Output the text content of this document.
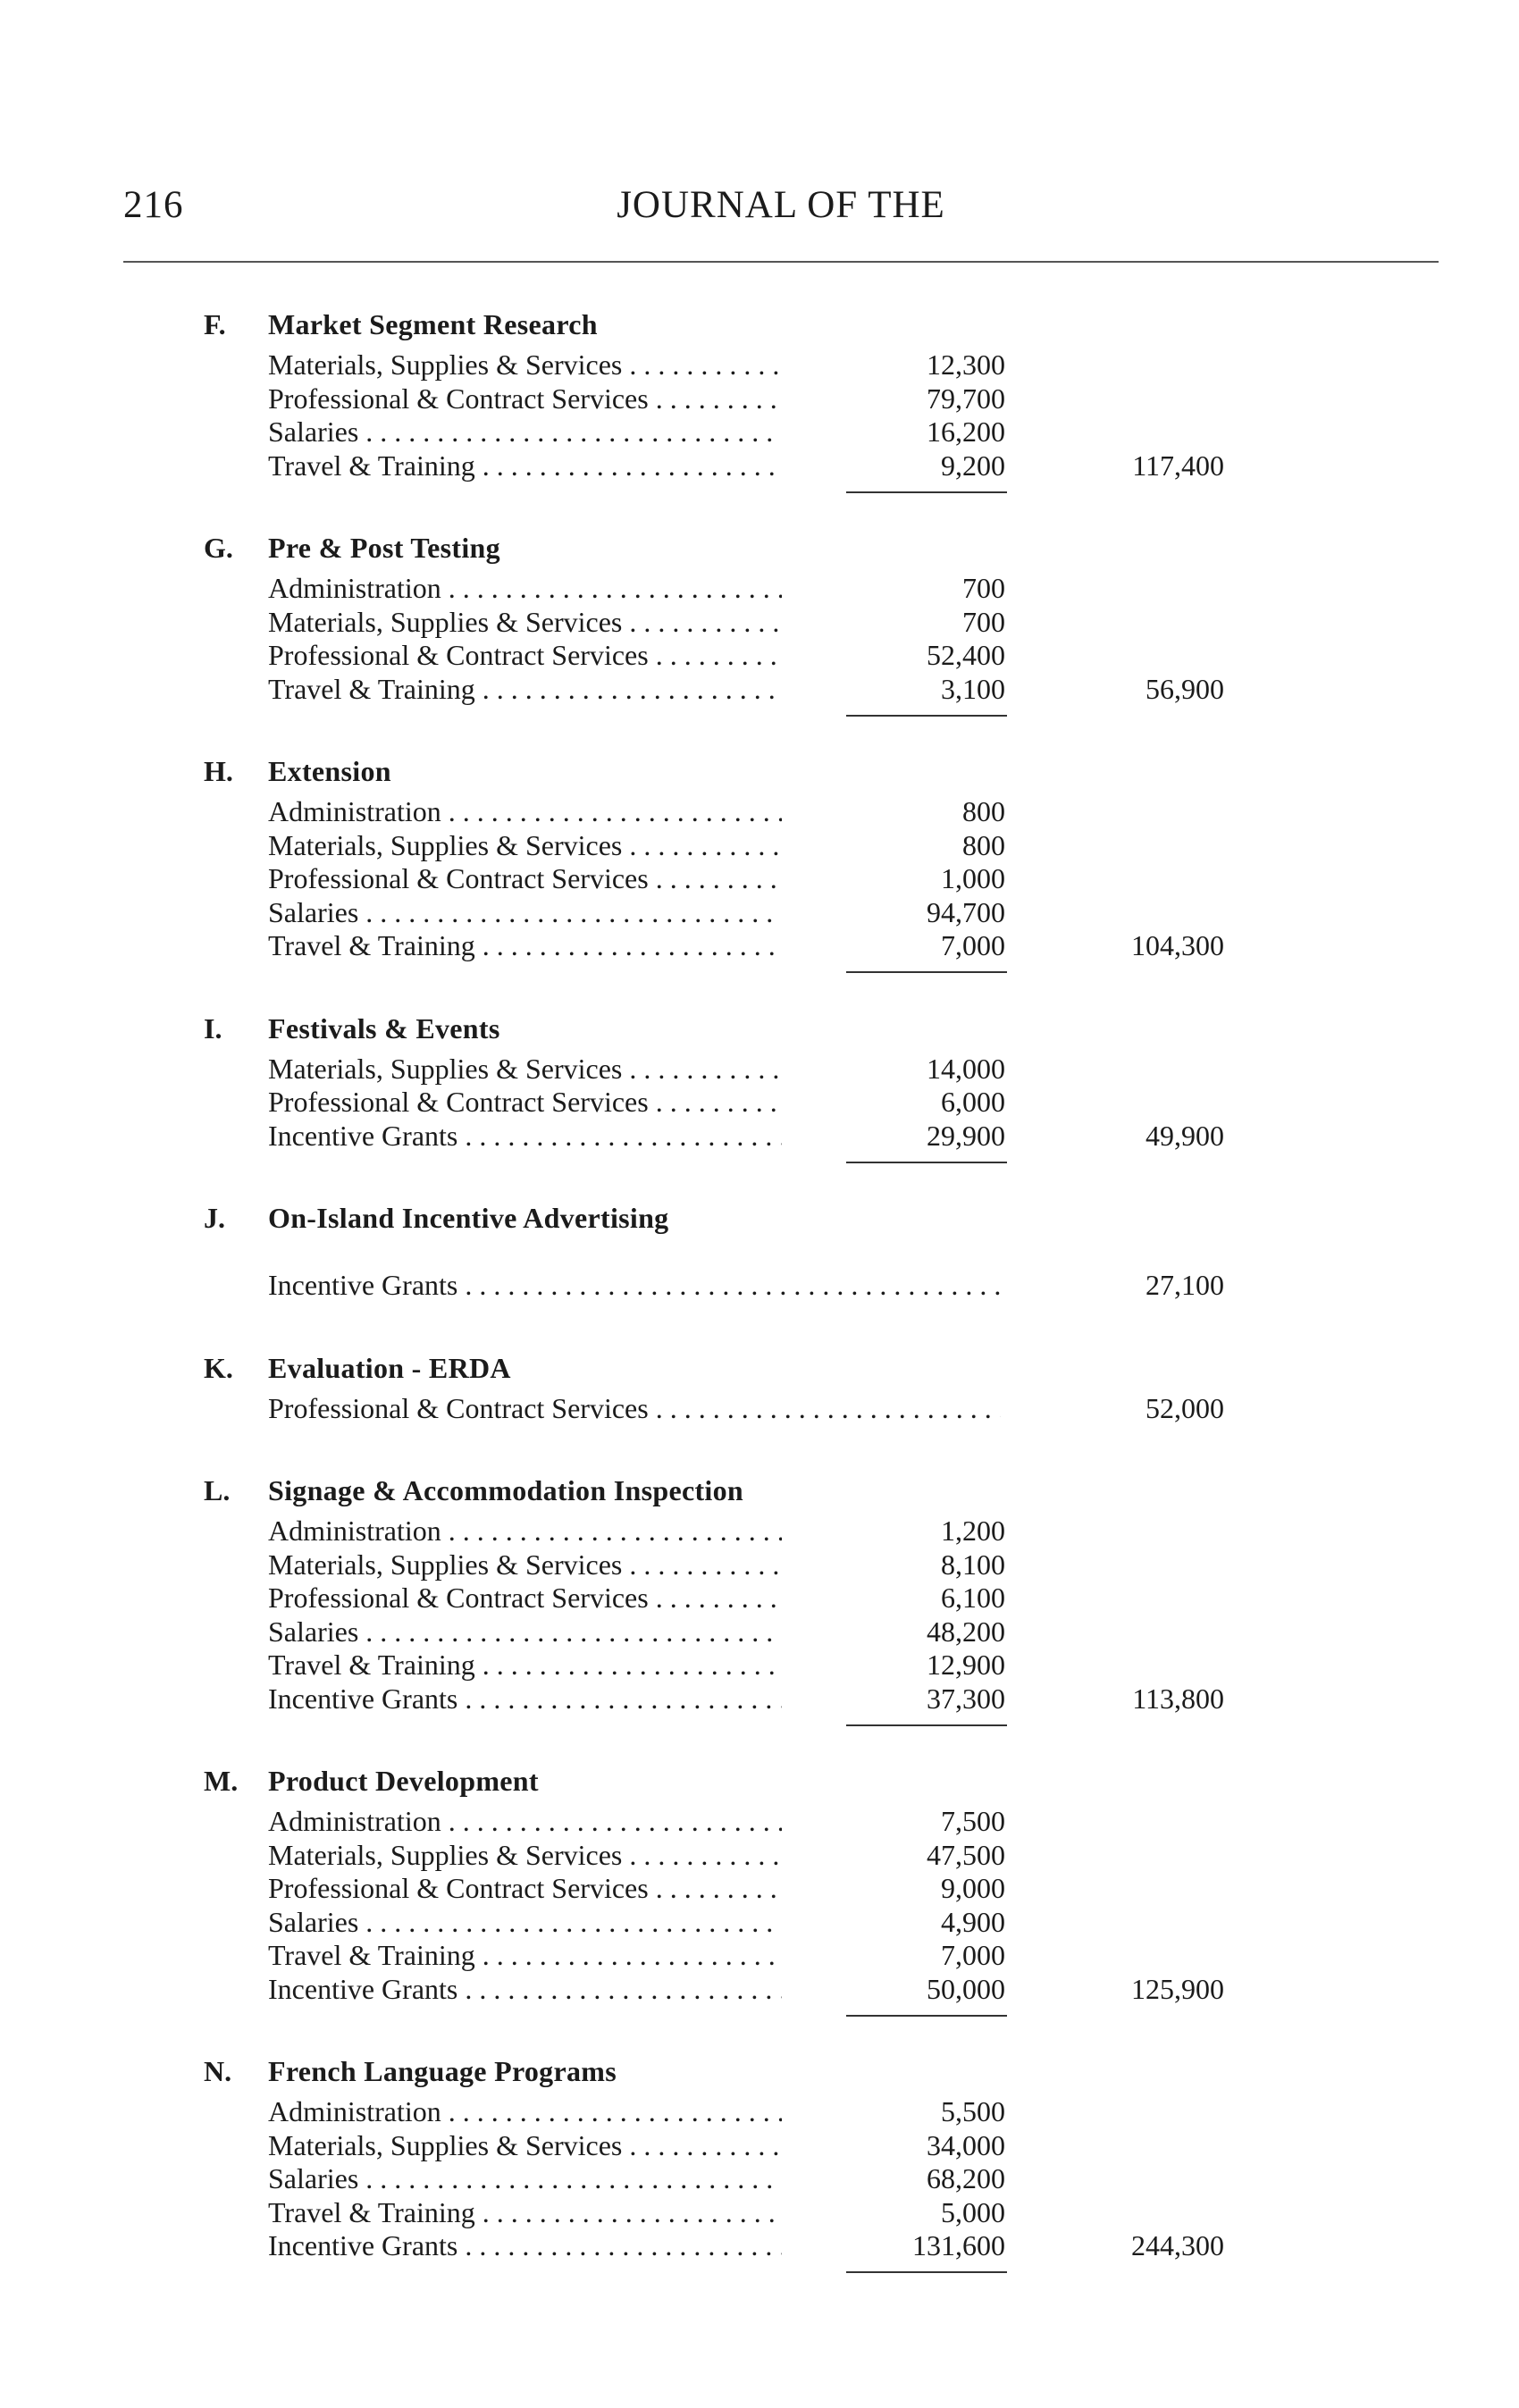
216	JOURNAL OF THE
F. Market Segment Research
Materials, Supplies & Services . . .	12,300
Professional & Contract Services . . .	79,700
Salaries . . .	16,200
Travel & Training . . .	9,200	117,400
G. Pre & Post Testing
Administration . . .	700
Materials, Supplies & Services . . .	700
Professional & Contract Services . . .	52,400
Travel & Training . . .	3,100	56,900
H. Extension
Administration . . .	800
Materials, Supplies & Services . . .	800
Professional & Contract Services . . .	1,000
Salaries . . .	94,700
Travel & Training . . .	7,000	104,300
I. Festivals & Events
Materials, Supplies & Services . . .	14,000
Professional & Contract Services . . .	6,000
Incentive Grants . . .	29,900	49,900
J. On-Island Incentive Advertising
Incentive Grants . . .	27,100
K. Evaluation - ERDA
Professional & Contract Services . . .	52,000
L. Signage & Accommodation Inspection
Administration . . .	1,200
Materials, Supplies & Services . . .	8,100
Professional & Contract Services . . .	6,100
Salaries . . .	48,200
Travel & Training . . .	12,900
Incentive Grants . . .	37,300	113,800
M. Product Development
Administration . . .	7,500
Materials, Supplies & Services . . .	47,500
Professional & Contract Services . . .	9,000
Salaries . . .	4,900
Travel & Training . . .	7,000
Incentive Grants . . .	50,000	125,900
N. French Language Programs
Administration . . .	5,500
Materials, Supplies & Services . . .	34,000
Salaries . . .	68,200
Travel & Training . . .	5,000
Incentive Grants . . .	131,600	244,300
